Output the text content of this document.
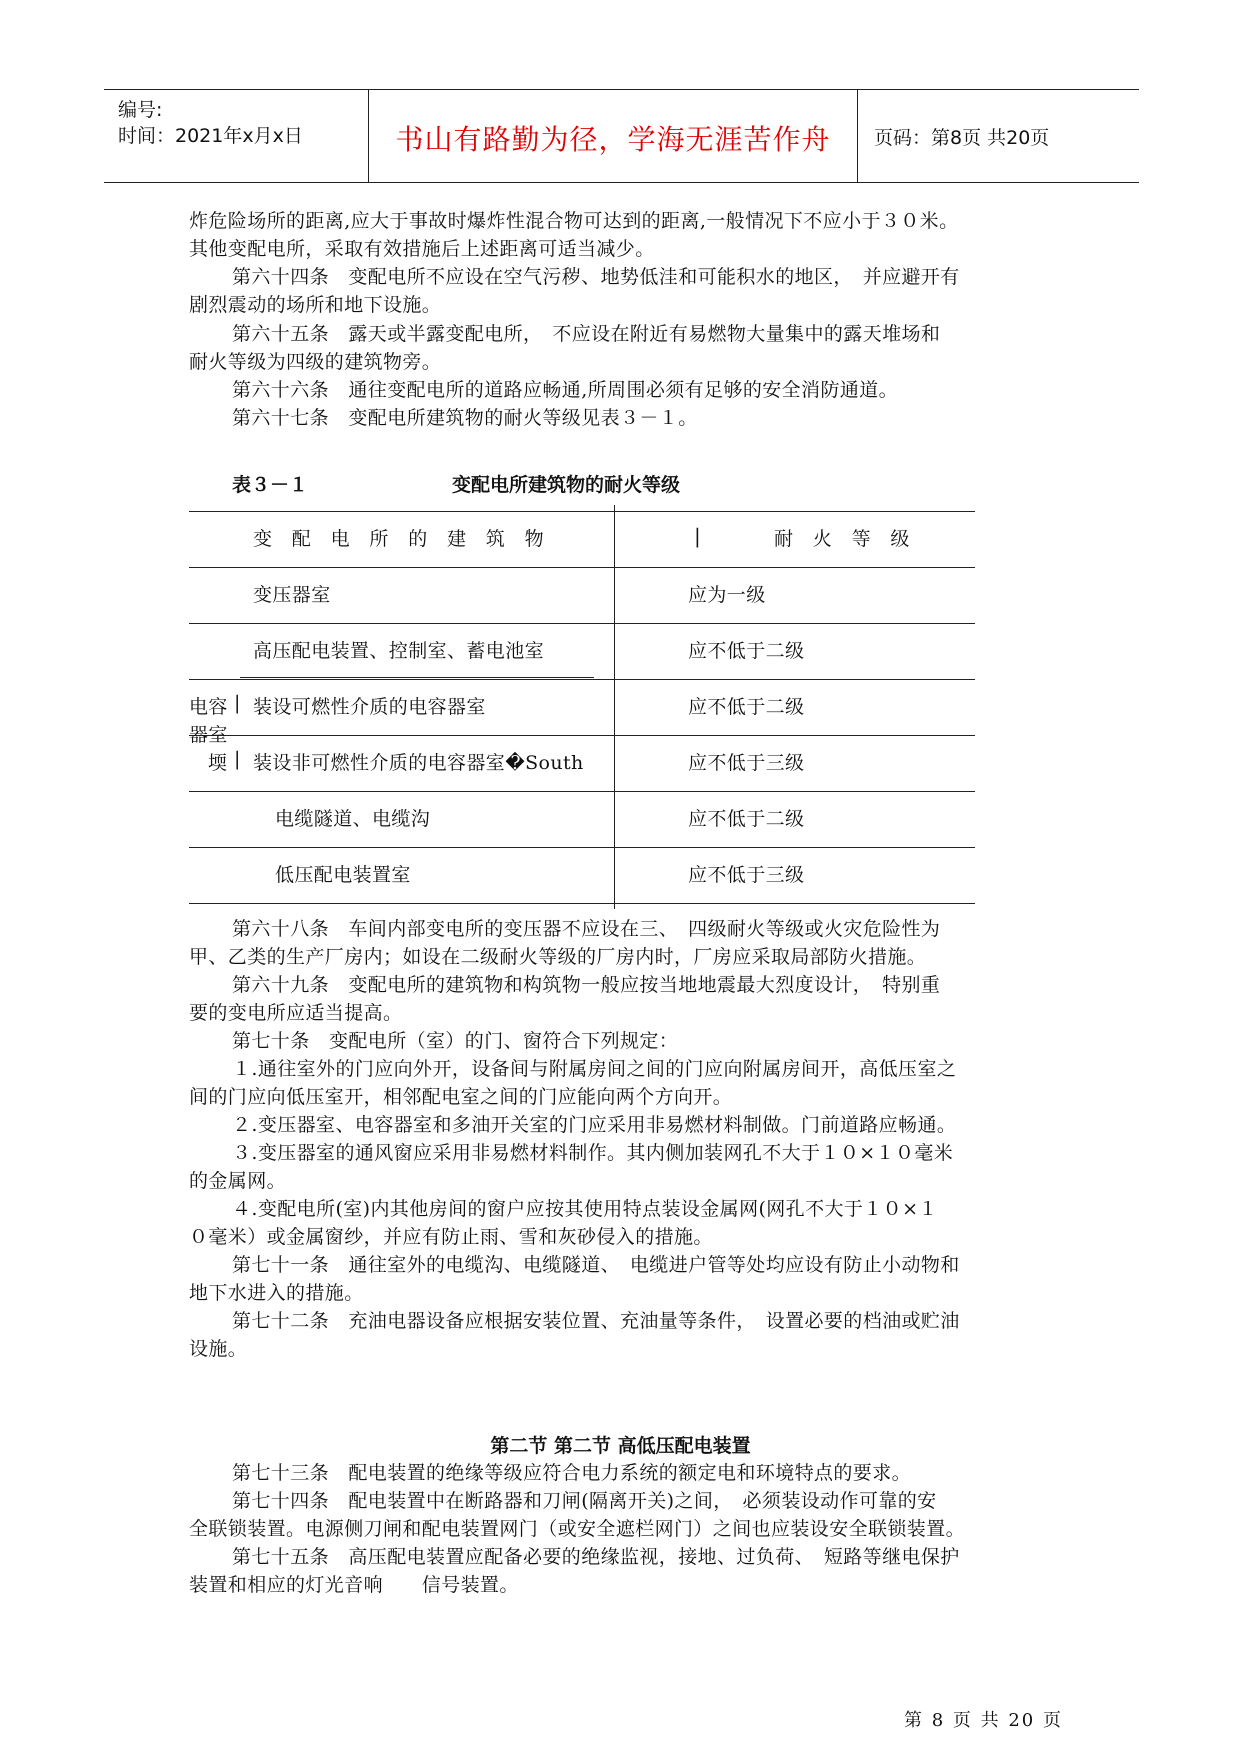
编号:
时间：2021年x月x日	书山有路勤为径，学海无涯苦作舟	页码：第8页 共20页
炸危险场所的距离,应大于事故时爆炸性混合物可达到的距离,一般情况下不应小于３０米。
其他变配电所，采取有效措施后上述距离可适当减少。
第六十四条　变配电所不应设在空气污秽、地势低洼和可能积水的地区，　并应避开有
剧烈震动的场所和地下设施。
第六十五条　露天或半露变配电所，　不应设在附近有易燃物大量集中的露天堆场和
耐火等级为四级的建筑物旁。
第六十六条　通往变配电所的道路应畅通,所周围必须有足够的安全消防通道。
第六十七条　变配电所建筑物的耐火等级见表３－１。
表３－１	变配电所建筑物的耐火等级
变　配　电　所　的　建　筑　物	|	耐　火　等　级
变压器室	应为一级
高压配电装置、控制室、蓄电池室	应不低于二级
电容 | 装设可燃性介质的电容器室	应不低于二级
器室
堧 | 装设非可燃性介质的电容器室�South	应不低于三级
电缆隧道、电缆沟	应不低于二级
低压配电装置室	应不低于三级
第六十八条　车间内部变电所的变压器不应设在三、　四级耐火等级或火灾危险性为
甲、乙类的生产厂房内；如设在二级耐火等级的厂房内时，厂房应采取局部防火措施。
第六十九条　变配电所的建筑物和构筑物一般应按当地地震最大烈度设计，　特别重
要的变电所应适当提高。
第七十条　变配电所（室）的门、窗符合下列规定：
１.通往室外的门应向外开，设备间与附属房间之间的门应向附属房间开，高低压室之
间的门应向低压室开，相邻配电室之间的门应能向两个方向开。
２.变压器室、电容器室和多油开关室的门应采用非易燃材料制做。门前道路应畅通。
３.变压器室的通风窗应采用非易燃材料制作。其内侧加装网孔不大于１０×１０毫米
的金属网。
４.变配电所(室)内其他房间的窗户应按其使用特点装设金属网(网孔不大于１０×１
０毫米）或金属窗纱，并应有防止雨、雪和灰砂侵入的措施。
第七十一条　通往室外的电缆沟、电缆隧道、　电缆进户管等处均应设有防止小动物和
地下水进入的措施。
第七十二条　充油电器设备应根据安装位置、充油量等条件，　设置必要的档油或贮油
设施。
第二节 第二节 高低压配电装置
第七十三条　配电装置的绝缘等级应符合电力系统的额定电和环境特点的要求。
第七十四条　配电装置中在断路器和刀闸(隔离开关)之间，　必须装设动作可靠的安
全联锁装置。电源侧刀闸和配电装置网门（或安全遮栏网门）之间也应装设安全联锁装置。
第七十五条　高压配电装置应配备必要的绝缘监视，接地、过负荷、　短路等继电保护
装置和相应的灯光音响　　信号装置。
第 8 页 共 20 页
